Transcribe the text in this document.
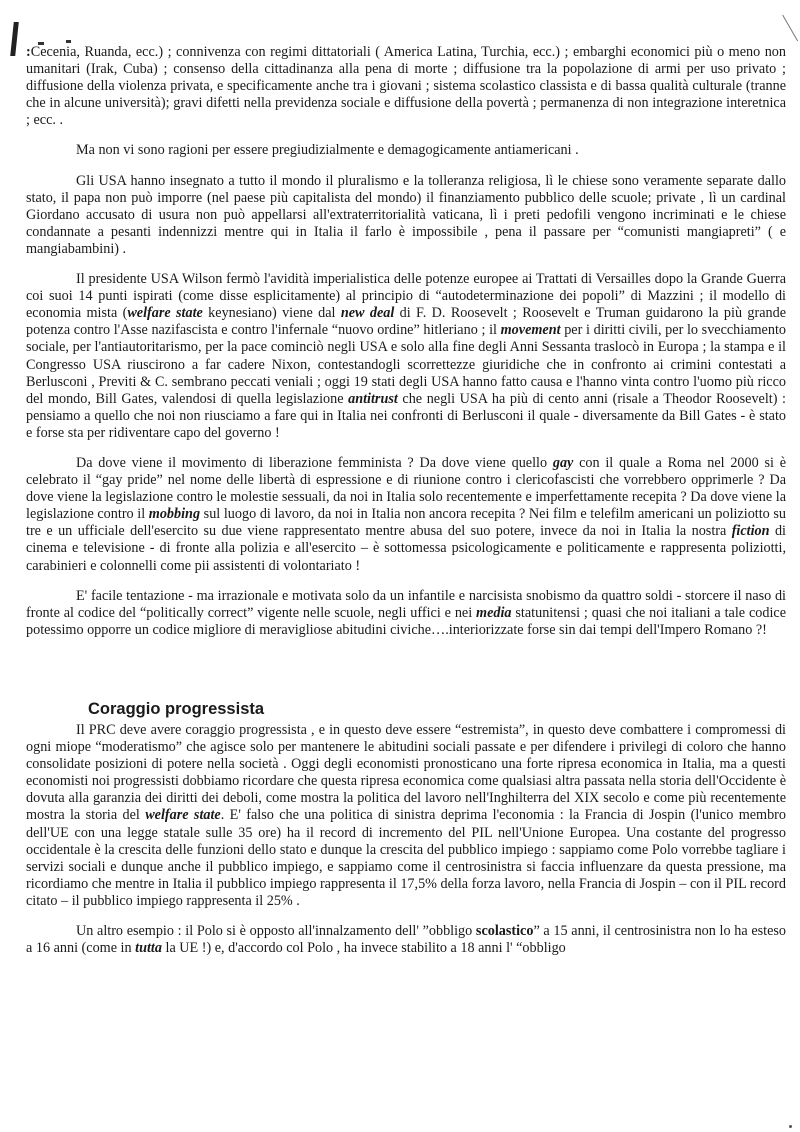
:Cecenia, Ruanda, ecc.) ; connivenza con regimi dittatoriali ( America Latina, Turchia, ecc.) ; embarghi economici più o meno non umanitari (Irak, Cuba) ; consenso della cittadinanza alla pena di morte ; diffusione tra la popolazione di armi per uso privato ; diffusione della violenza privata, e specificamente anche tra i giovani ; sistema scolastico classista e di bassa qualità culturale (tranne che in alcune università); gravi difetti nella previdenza sociale e diffusione della povertà ; permanenza di non integrazione interetnica ; ecc. .

Ma non vi sono ragioni per essere pregiudizialmente e demagogicamente antiamericani .

Gli USA hanno insegnato a tutto il mondo il pluralismo e la tolleranza religiosa, lì le chiese sono veramente separate dallo stato, il papa non può imporre (nel paese più capitalista del mondo) il finanziamento pubblico delle scuole; private , lì un cardinal Giordano accusato di usura non può appellarsi all'extraterritorialità vaticana, lì i preti pedofili vengono incriminati e le chiese condannate a pesanti indennizzi mentre qui in Italia il farlo è impossibile , pena il passare per “comunisti mangiapreti” ( e mangiabambini) .

Il presidente USA Wilson fermò l'avidità imperialistica delle potenze europee ai Trattati di Versailles dopo la Grande Guerra coi suoi 14 punti ispirati (come disse esplicitamente) al principio di “autodeterminazione dei popoli” di Mazzini ; il modello di economia mista (welfare state keynesiano) viene dal new deal di F. D. Roosevelt ; Roosevelt e Truman guidarono la più grande potenza contro l'Asse nazifascista e contro l'infernale “nuovo ordine” hitleriano ; il movement per i diritti civili, per lo svecchiamento sociale, per l'antiautoritarismo, per la pace cominciò negli USA e solo alla fine degli Anni Sessanta traslocò in Europa ; la stampa e il Congresso USA riuscirono a far cadere Nixon, contestandogli scorrettezze giuridiche che in confronto ai crimini contestati a Berlusconi , Previti & C. sembrano peccati veniali ; oggi 19 stati degli USA hanno fatto causa e l'hanno vinta contro l'uomo più ricco del mondo, Bill Gates, valendosi di quella legislazione antitrust che negli USA ha più di cento anni (risale a Theodor Roosevelt) : pensiamo a quello che noi non riusciamo a fare qui in Italia nei confronti di Berlusconi il quale - diversamente da Bill Gates - è stato e forse sta per ridiventare capo del governo !

Da dove viene il movimento di liberazione femminista ? Da dove viene quello gay con il quale a Roma nel 2000 si è celebrato il “gay pride” nel nome delle libertà di espressione e di riunione contro i clericofascisti che vorrebbero opprimerle ? Da dove viene la legislazione contro le molestie sessuali, da noi in Italia solo recentemente e imperfettamente recepita ? Da dove viene la legislazione contro il mobbing sul luogo di lavoro, da noi in Italia non ancora recepita ? Nei film e telefilm americani un poliziotto su tre e un ufficiale dell'esercito su due viene rappresentato mentre abusa del suo potere, invece da noi in Italia la nostra fiction di cinema e televisione - di fronte alla polizia e all'esercito – è sottomessa psicologicamente e politicamente e rappresenta poliziotti, carabinieri e colonnelli come pii assistenti di volontariato !

E' facile tentazione - ma irrazionale e motivata solo da un infantile e narcisista snobismo da quattro soldi - storcere il naso di fronte al codice del “politically correct” vigente nelle scuole, negli uffici e nei media statunitensi ; quasi che noi italiani a tale codice potessimo opporre un codice migliore di meravigliose abitudini civiche….interiorizzate forse sin dai tempi dell'Impero Romano ?!

Coraggio progressista

Il PRC deve avere coraggio progressista , e in questo deve essere “estremista”, in questo deve combattere i compromessi di ogni miope “moderatismo” che agisce solo per mantenere le abitudini sociali passate e per difendere i privilegi di coloro che hanno consolidate posizioni di potere nella società . Oggi degli economisti pronosticano una forte ripresa economica in Italia, ma a questi economisti noi progressisti dobbiamo ricordare che questa ripresa economica come qualsiasi altra passata nella storia dell'Occidente è dovuta alla garanzia dei diritti dei deboli, come mostra la politica del lavoro nell'Inghilterra del XIX secolo e come più recentemente mostra la storia del welfare state. E' falso che una politica di sinistra deprima l'economia : la Francia di Jospin (l'unico membro dell'UE con una legge statale sulle 35 ore) ha il record di incremento del PIL nell'Unione Europea. Una costante del progresso occidentale è la crescita delle funzioni dello stato e dunque la crescita del pubblico impiego : sappiamo come Polo vorrebbe tagliare i servizi sociali e dunque anche il pubblico impiego, e sappiamo come il centrosinistra si faccia influenzare da questa pressione, ma ricordiamo che mentre in Italia il pubblico impiego rappresenta il 17,5% della forza lavoro, nella Francia di Jospin – con il PIL record citato – il pubblico impiego rappresenta il 25% .

Un altro esempio : il Polo si è opposto all'innalzamento dell' ”obbligo scolastico” a 15 anni, il centrosinistra non lo ha esteso a 16 anni (come in tutta la UE !) e, d'accordo col Polo , ha invece stabilito a 18 anni l' “obbligo
